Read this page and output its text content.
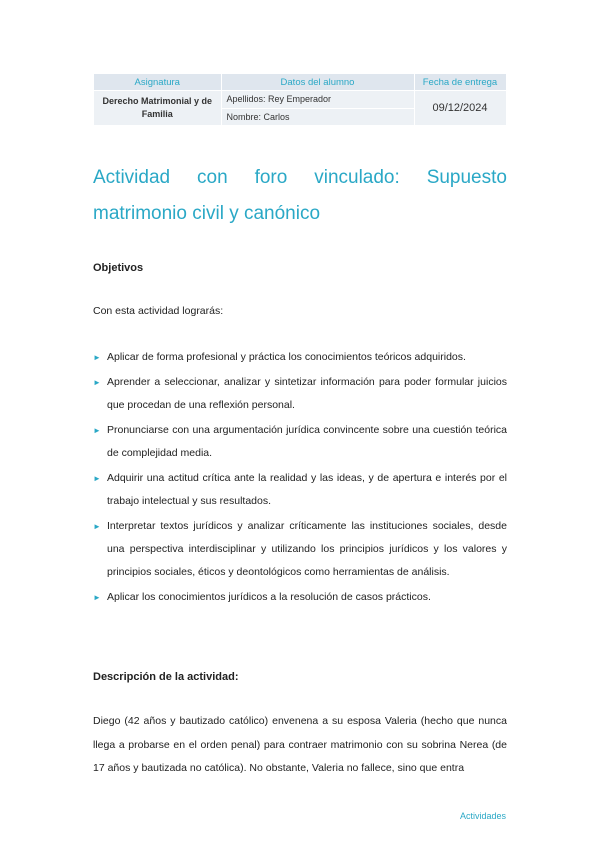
Asignatura	Datos del alumno	Fecha de entrega
Derecho Matrimonial y de Familia	Apellidos: Rey Emperador	09/12/2024
	Nombre: Carlos	
Actividad con foro vinculado: Supuesto
matrimonio civil y canónico

Objetivos

Con esta actividad lograrás:

► Aplicar de forma profesional y práctica los conocimientos teóricos adquiridos.
► Aprender a seleccionar, analizar y sintetizar información para poder formular juicios que procedan de una reflexión personal.
► Pronunciarse con una argumentación jurídica convincente sobre una cuestión teórica de complejidad media.
► Adquirir una actitud crítica ante la realidad y las ideas, y de apertura e interés por el trabajo intelectual y sus resultados.
► Interpretar textos jurídicos y analizar críticamente las instituciones sociales, desde una perspectiva interdisciplinar y utilizando los principios jurídicos y los valores y principios sociales, éticos y deontológicos como herramientas de análisis.
► Aplicar los conocimientos jurídicos a la resolución de casos prácticos.

Descripción de la actividad:

Diego (42 años y bautizado católico) envenena a su esposa Valeria (hecho que nunca llega a probarse en el orden penal) para contraer matrimonio con su sobrina Nerea (de 17 años y bautizada no católica). No obstante, Valeria no fallece, sino que entra

Actividades
